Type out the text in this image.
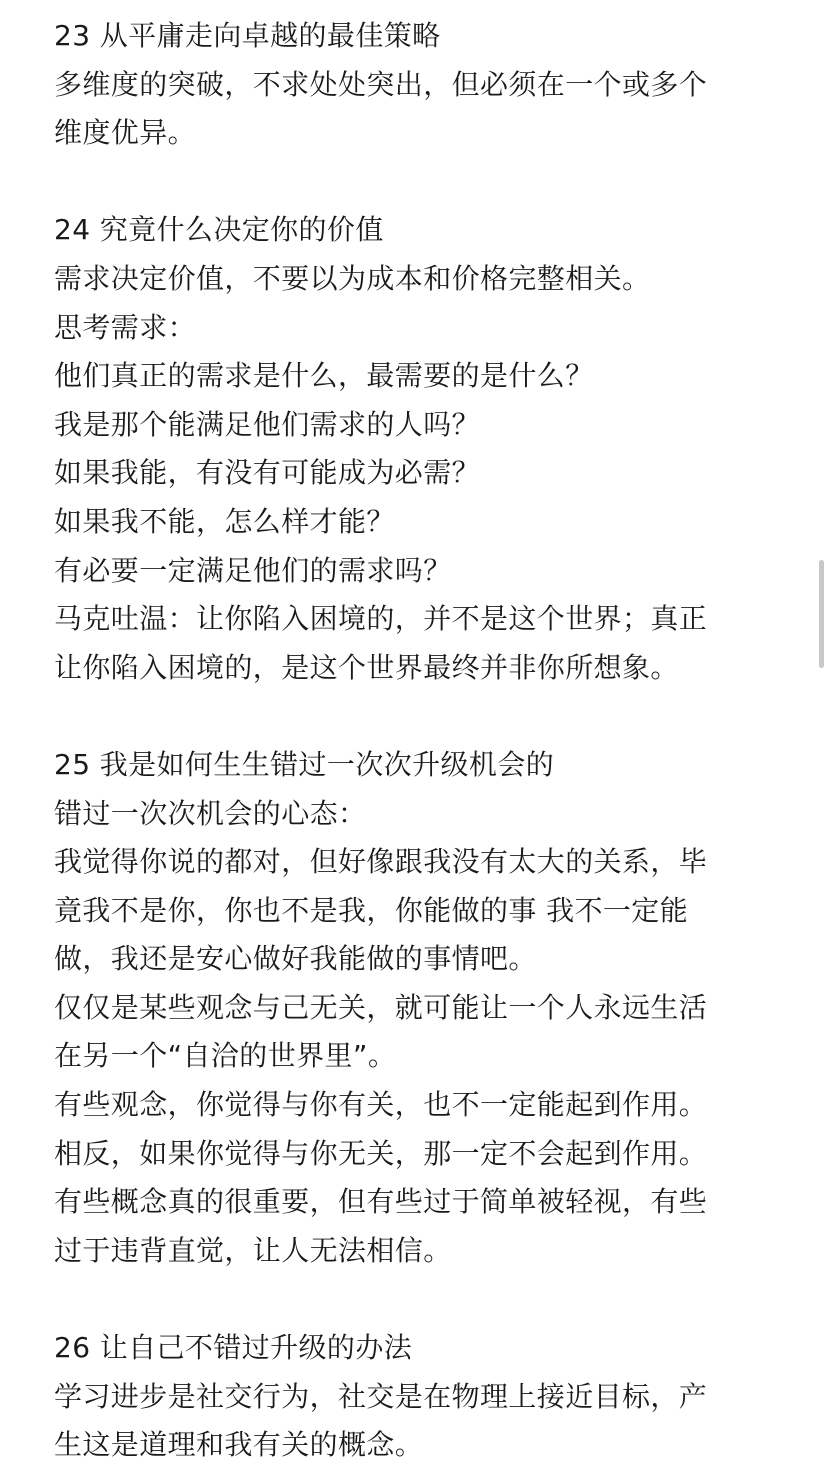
23 从平庸走向卓越的最佳策略
多维度的突破，不求处处突出，但必须在一个或多个
维度优异。
24 究竟什么决定你的价值
需求决定价值，不要以为成本和价格完整相关。
思考需求：
他们真正的需求是什么，最需要的是什么？
我是那个能满足他们需求的人吗？
如果我能，有没有可能成为必需？
如果我不能，怎么样才能？
有必要一定满足他们的需求吗？
马克吐温：让你陷入困境的，并不是这个世界；真正
让你陷入困境的，是这个世界最终并非你所想象。
25 我是如何生生错过一次次升级机会的
错过一次次机会的心态：
我觉得你说的都对，但好像跟我没有太大的关系，毕
竟我不是你，你也不是我，你能做的事 我不一定能
做，我还是安心做好我能做的事情吧。
仅仅是某些观念与己无关，就可能让一个人永远生活
在另一个“自洽的世界里”。
有些观念，你觉得与你有关，也不一定能起到作用。
相反，如果你觉得与你无关，那一定不会起到作用。
有些概念真的很重要，但有些过于简单被轻视，有些
过于违背直觉，让人无法相信。
26 让自己不错过升级的办法
学习进步是社交行为，社交是在物理上接近目标，产
生这是道理和我有关的概念。
